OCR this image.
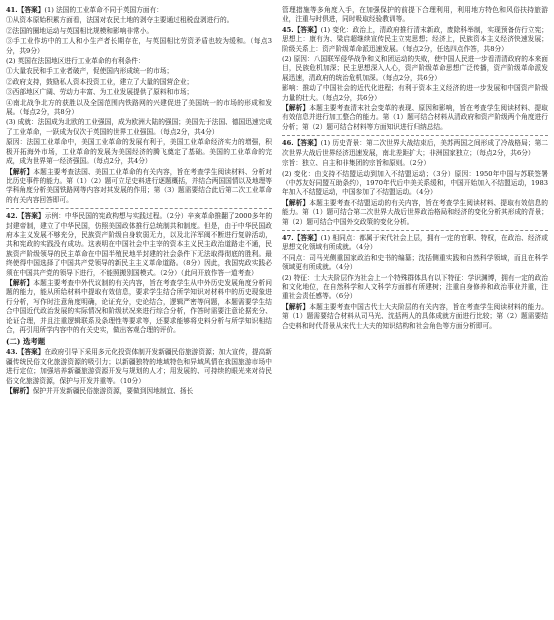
41.【答案】(1) 法国的工业革命不同于英国方面有：

①从资本原始积累方面看，法国对农民土地的剥夺主要通过租税盘剥进行的。

②法国的圈地运动与英国相比规模和影响非常小。

③手工业作坊中的工人和小生产者长期存在，与英国相比劳资矛盾也较为缓和。（每点3分，共9分）

(2) 英国在法国地区进行工业革命的有利条件：

①大量农民和手工业者破产，促使国内形成统一的市场；

②政府支持，鼓励私人资本投资工业，建立了大量的国营企业；

③西部地区广阔、劳动力丰富、为工业发展提供了原料和市场；

④南北战争北方的获胜以及全国范围内铁路网的兴建促进了美国统一的市场的形成和发展。（每点2分，共8分）

(3) 成就：法国成为北欧的工业强国，成为欧洲大陆的强国；美国先于法国、德国迅速完成了工业革命，一跃成为仅次于英国的世界工业强国。（每点2分，共4分）

原因：法国工业革命中，美国工业革命的发展有利于，美国工业革命经济实力的增强，积极开拓海外市场，工业革命的发展为美国经济的腾飞奠定了基础。美国的工业革命的完成，成为世界第一经济强国。（每点2分，共4分）

【解析】本题主要考查法国、美国工业革命的有关内容，旨在考查学生阅读材料、分析对比历史事件的能力。第（1）（2）题可立足史料进行逐题概括，并结合两国国情以及地理等学科角度分析美国铁路网等内容对其发展的作用；第（3）题需要结合此后第二次工业革命的有关内容回答即可。

42.【答案】示例：中华民国的宪政构想与实践过程。（2分）辛亥革命推翻了2000多年的封建帝制，建立了中华民国，仿照美国政体推行总统制共和制度。但是，由于中华民国政府本主义发展不够充分，民族资产阶级自身软弱无力，以及北洋军阀不断进行复辟活动，共和宪政的实践没有成功。这表明在中国社会中主宰的资本主义民主政治道路走不通，民族资产阶级领导的民主革命在中国半殖民地半封建的社会条件下无法取得彻底的胜利。最终使得中国选择了中国共产党领导的新民主主义革命道路。（8分）因此，我国宪政实践必须在中国共产党的领导下进行，不能照搬别国模式。（2分）（此问开放作答一道考查）

【解析】本题主要考查中外代议制的有关内容，旨在考查学生从中外历史发展角度分析问题的能力，能从所给材料中提取有效信息，要求学生结合所学知识对材料中的历史现象进行分析，写作时注意角度明确，论证充分，史论结合，逻辑严密等问题，本题需要学生结合中国近代政治发展的实际情况和阶级状况来进行综合分析，作答时需要注意论据充分、论证合理，并且注重逻辑联系及条理性等要求等，还要求能够将史料分析与所学知识相结合，再引用所学内容中的有关史实，做出客观合理的评价。

(二) 选考题

43.【答案】在政府引导下采用多元化投资体制开发新疆民俗旅游资源；加大宣传，提高新疆传统民俗文化旅游资源的吸引力；以新疆独特的地域特色和异域风情在我国旅游市场中进行定位；加强培养新疆旅游资源开发与规划的人才；用发展的、可持续的眼光来对待民俗文化旅游资源，保护与开发并重等。（10分）

【解析】保护并开发新疆民俗旅游资源，要做到因地制宜、扬长

管理措施等多角度入手，在加强保护的前提下合理利用，利用地方特色和风俗扶持旅游业，注重与时俱进，同时吸取经验教训等。

45.【答案】(1) 变化：政治上，清政府推行清末新政，废除科举制，实现预备仿行立宪；思想上：康有为、梁启超继续宣传民主立宪思想；经济上，民族资本主义经济快速发展；阶级关系上：资产阶级革命派迅速发展。（每点2分，任选四点作答，共8分）

(2) 原因：八国联军侵华战争和义和团运动的失败，使中国人民进一步看清清政府的本来面目，民族危机加深；民主思想深入人心，资产阶级革命思想广泛传播，资产阶级革命派发展迅速，清政府的统治危机加深。（每点2分，共6分）

影响：推动了中国社会的近代化进程；有利于资本主义经济的进一步发展和中国资产阶级力量的壮大。（每点2分，共6分）

【解析】本题主要考查清末社会变革的表现、原因和影响，旨在考查学生阅读材料、提取有效信息并进行加工整合的能力。第（1）题可结合材料从清政府和资产阶级两个角度进行分析；第（2）题可结合材料等方面知识进行归纳总结。

46.【答案】(1) 历史背景：第二次世界大战结束后，美苏两国之间形成了冷战格局；第二次世界大战后世界经济迅速发展，南北差距扩大；非洲国家独立；（每点2分，共6分）

宗旨：独立、自主和非集团的宗旨和原则。（2分）

(2) 变化：由支持不结盟运动到加入不结盟运动；（3分）原因：1950年中国与苏联签署（中苏友好同盟互助条约），1970年代后中美关系缓和，中国开始加入不结盟运动，1983年加入不结盟运动，中国参加了不结盟运动。（4分）

【解析】本题主要考查不结盟运动的有关内容，旨在考查学生阅读材料、提取有效信息的能力。第（1）题可结合第二次世界大战后世界政治格局和经济的变化分析其形成的背景；第（2）题可结合中国外交政策的变化分析。

47.【答案】(1) 相同点：都属于宋代社会上层，拥有一定的官职、特权，在政治、经济或思想文化领域有所成就。（4分）

不同点：司马光侧重国家政治和史书的编纂；沈括侧重实践和自然科学领域，而且在科学领域更有所成就。（4分）

(2) 特征：士大夫阶层作为社会上一个特殊群体具有以下特征：学识渊博，拥有一定的政治和文化地位，在自然科学和人文科学方面都有所建树；注重自身修养和政治事业并重，注重社会责任感等。（6分）

【解析】本题主要考查中国古代士大夫阶层的有关内容，旨在考查学生阅读材料的能力。第（1）题需要结合材料从司马光、沈括两人的具体成就方面进行比较；第（2）题需要结合史料和时代背景从宋代士大夫的知识结构和社会角色等方面分析即可。
